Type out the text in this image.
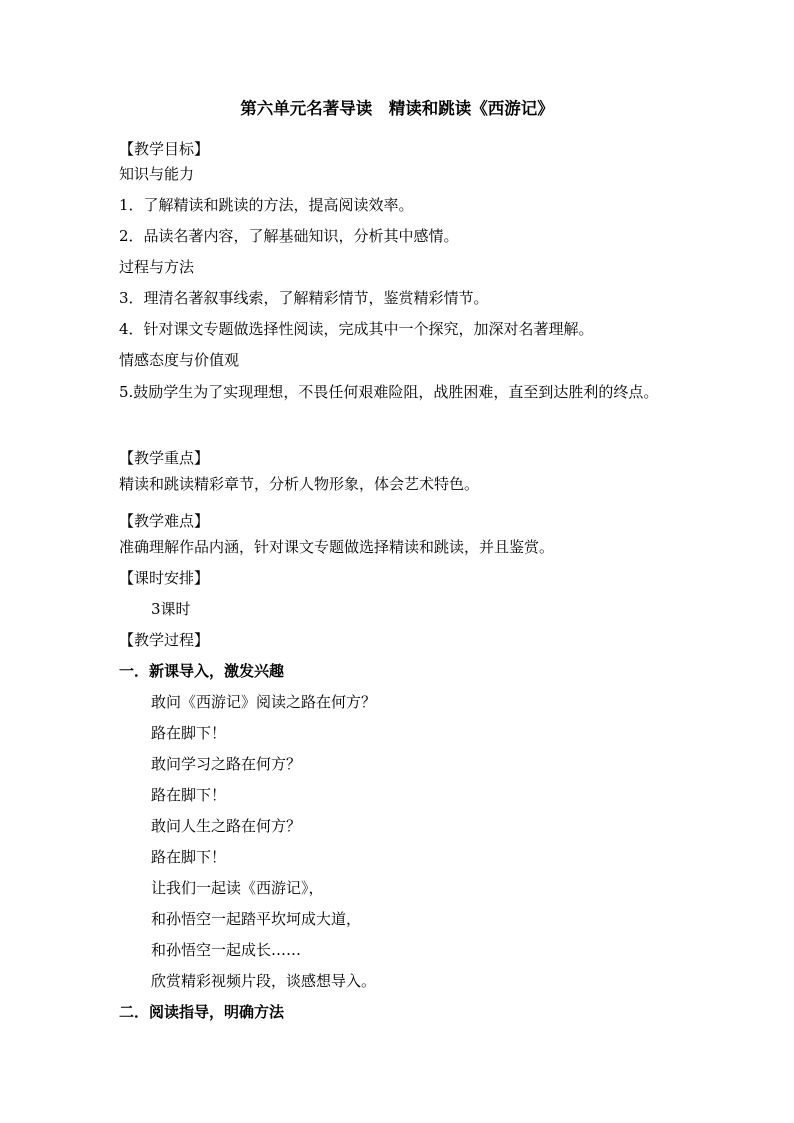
第六单元名著导读　精读和跳读《西游记》
【教学目标】
知识与能力
1．了解精读和跳读的方法，提高阅读效率。
2．品读名著内容，了解基础知识，分析其中感情。
过程与方法
3．理清名著叙事线索，了解精彩情节，鉴赏精彩情节。
4．针对课文专题做选择性阅读，完成其中一个探究，加深对名著理解。
情感态度与价值观
5.鼓励学生为了实现理想，不畏任何艰难险阻，战胜困难，直至到达胜利的终点。
【教学重点】
精读和跳读精彩章节，分析人物形象，体会艺术特色。
【教学难点】
准确理解作品内涵，针对课文专题做选择精读和跳读，并且鉴赏。
【课时安排】
3课时
【教学过程】
一．新课导入，激发兴趣
敢问《西游记》阅读之路在何方？
路在脚下！
敢问学习之路在何方？
路在脚下！
敢问人生之路在何方？
路在脚下！
让我们一起读《西游记》，
和孙悟空一起踏平坎坷成大道，
和孙悟空一起成长……
欣赏精彩视频片段，谈感想导入。
二．阅读指导，明确方法
